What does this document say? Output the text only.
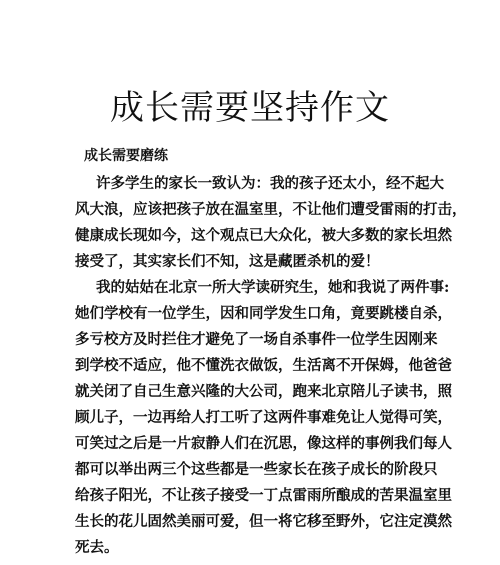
成长需要坚持作文

成长需要磨练

许多学生的家长一致认为：我的孩子还太小，经不起大
风大浪，应该把孩子放在温室里，不让他们遭受雷雨的打击，
健康成长现如今，这个观点已大众化，被大多数的家长坦然
接受了，其实家长们不知，这是藏匿杀机的爱！
我的姑姑在北京一所大学读研究生，她和我说了两件事:
她们学校有一位学生，因和同学发生口角，竟要跳楼自杀，
多亏校方及时拦住才避免了一场自杀事件一位学生因刚来
到学校不适应，他不懂洗衣做饭，生活离不开保姆，他爸爸
就关闭了自己生意兴隆的大公司，跑来北京陪儿子读书，照
顾儿子，一边再给人打工听了这两件事难免让人觉得可笑，
可笑过之后是一片寂静人们在沉思，像这样的事例我们每人
都可以举出两三个这些都是一些家长在孩子成长的阶段只
给孩子阳光，不让孩子接受一丁点雷雨所酿成的苦果温室里
生长的花儿固然美丽可爱，但一将它移至野外，它注定漠然
死去。
